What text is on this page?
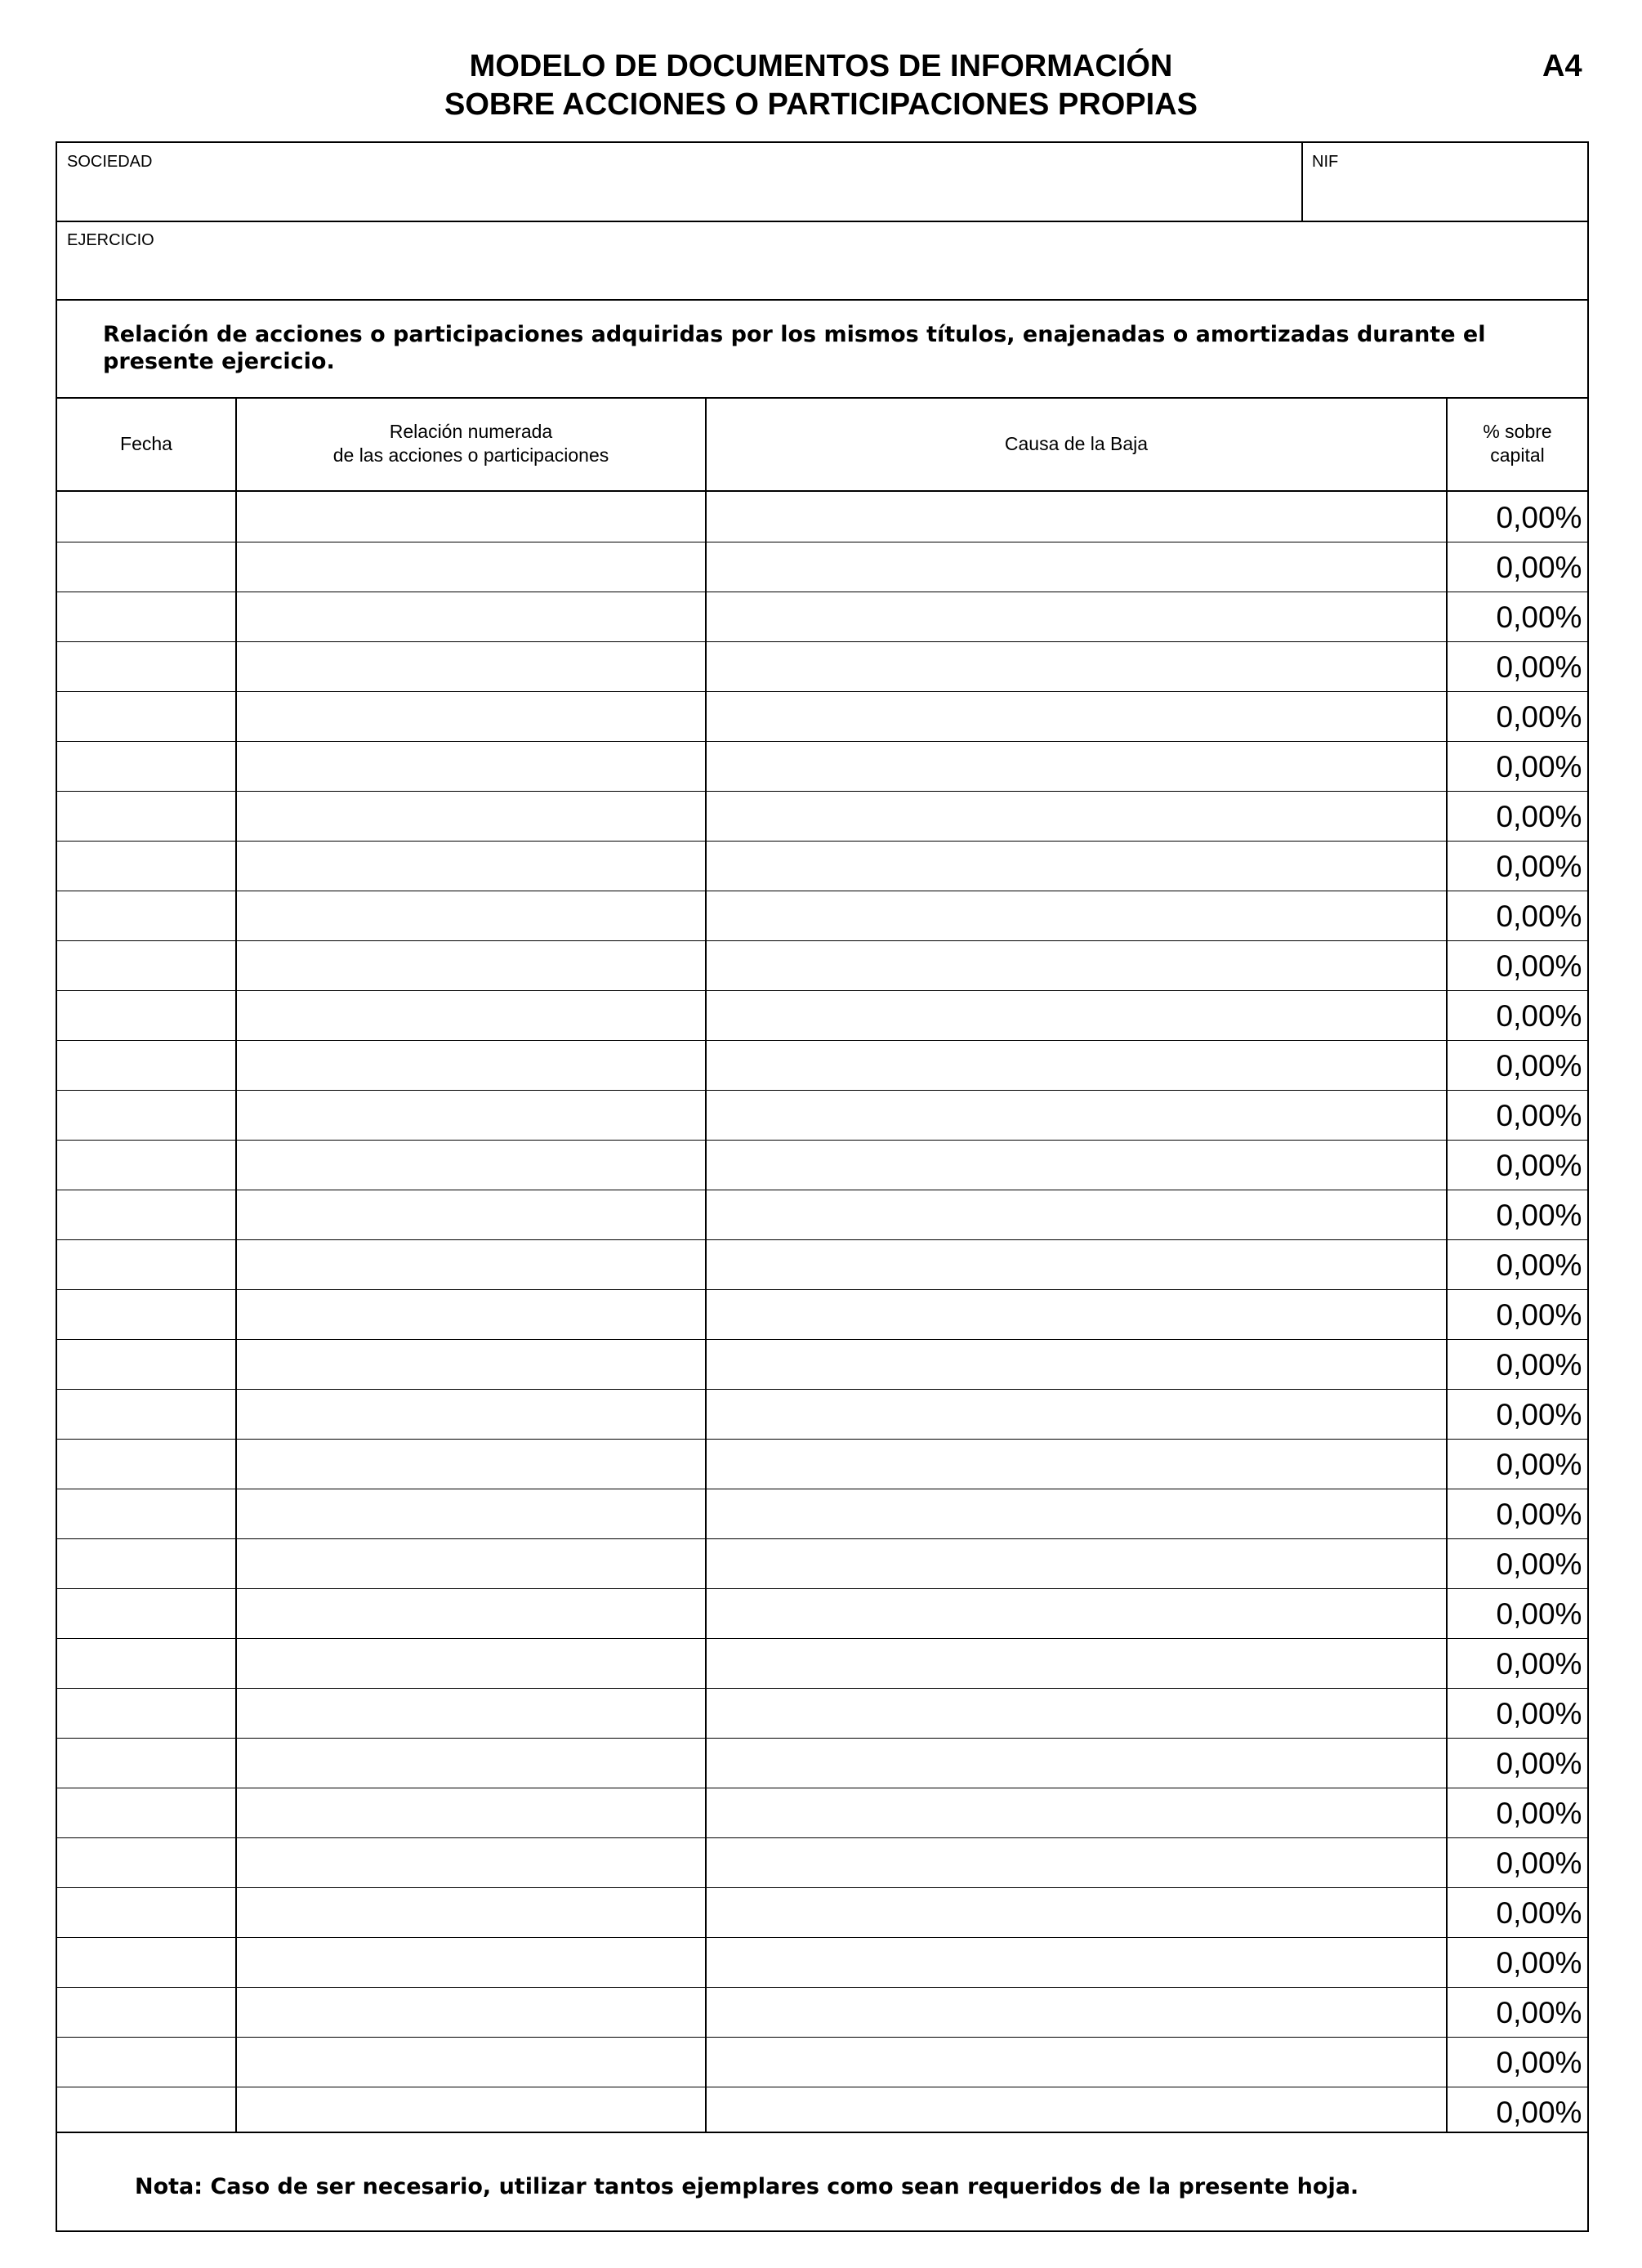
MODELO DE DOCUMENTOS DE INFORMACIÓN
SOBRE ACCIONES O PARTICIPACIONES PROPIAS
A4
SOCIEDAD	NIF
EJERCICIO
Relación de acciones o participaciones adquiridas por los mismos títulos, enajenadas o amortizadas durante el presente ejercicio.
Fecha
Relación numerada
de las acciones o participaciones
Causa de la Baja
% sobre
capital
0,00%
0,00%
0,00%
0,00%
0,00%
0,00%
0,00%
0,00%
0,00%
0,00%
0,00%
0,00%
0,00%
0,00%
0,00%
0,00%
0,00%
0,00%
0,00%
0,00%
0,00%
0,00%
0,00%
0,00%
0,00%
0,00%
0,00%
0,00%
0,00%
0,00%
0,00%
0,00%
0,00%
Nota: Caso de ser necesario, utilizar tantos ejemplares como sean requeridos de la presente hoja.
